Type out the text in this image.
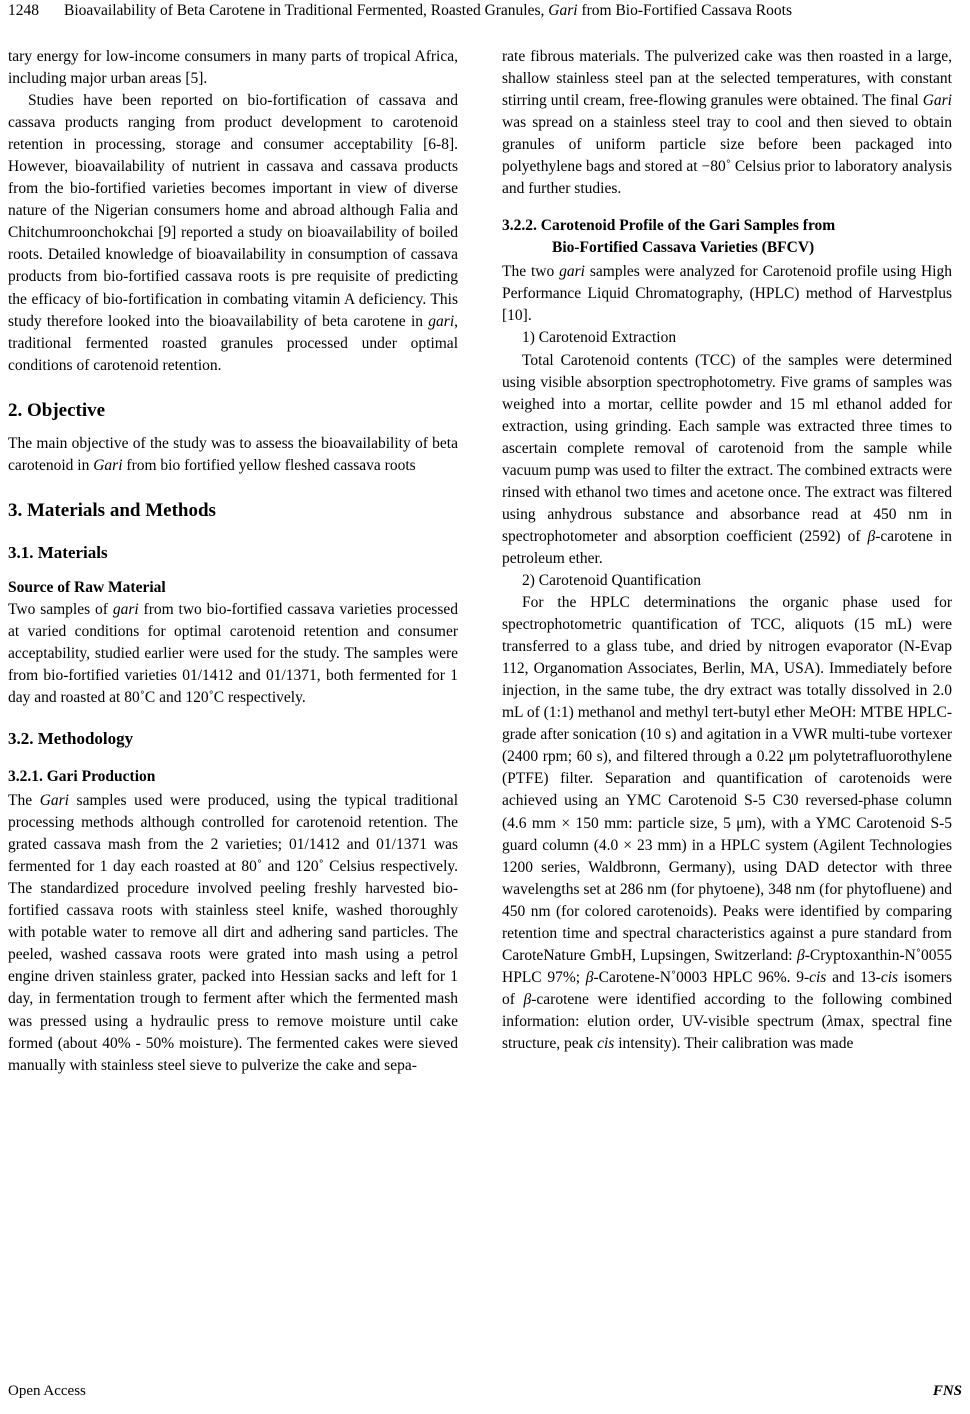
1248	Bioavailability of Beta Carotene in Traditional Fermented, Roasted Granules, Gari from Bio-Fortified Cassava Roots

tary energy for low-income consumers in many parts of tropical Africa, including major urban areas [5].

Studies have been reported on bio-fortification of cassava and cassava products ranging from product development to carotenoid retention in processing, storage and consumer acceptability [6-8]. However, bioavailability of nutrient in cassava and cassava products from the bio-fortified varieties becomes important in view of diverse nature of the Nigerian consumers home and abroad although Falia and Chitchumroonchokchai [9] reported a study on bioavailability of boiled roots. Detailed knowledge of bioavailability in consumption of cassava products from bio-fortified cassava roots is pre requisite of predicting the efficacy of bio-fortification in combating vitamin A deficiency. This study therefore looked into the bioavailability of beta carotene in gari, traditional fermented roasted granules processed under optimal conditions of carotenoid retention.

2. Objective

The main objective of the study was to assess the bioavailability of beta carotenoid in Gari from bio fortified yellow fleshed cassava roots

3. Materials and Methods
3.1. Materials
Source of Raw Material

Two samples of gari from two bio-fortified cassava varieties processed at varied conditions for optimal carotenoid retention and consumer acceptability, studied earlier were used for the study. The samples were from bio-fortified varieties 01/1412 and 01/1371, both fermented for 1 day and roasted at 80˚C and 120˚C respectively.

3.2. Methodology
3.2.1. Gari Production

The Gari samples used were produced, using the typical traditional processing methods although controlled for carotenoid retention. The grated cassava mash from the 2 varieties; 01/1412 and 01/1371 was fermented for 1 day each roasted at 80˚ and 120˚ Celsius respectively. The standardized procedure involved peeling freshly harvested bio-fortified cassava roots with stainless steel knife, washed thoroughly with potable water to remove all dirt and adhering sand particles. The peeled, washed cassava roots were grated into mash using a petrol engine driven stainless grater, packed into Hessian sacks and left for 1 day, in fermentation trough to ferment after which the fermented mash was pressed using a hydraulic press to remove moisture until cake formed (about 40% - 50% moisture). The fermented cakes were sieved manually with stainless steel sieve to pulverize the cake and sepa-

rate fibrous materials. The pulverized cake was then roasted in a large, shallow stainless steel pan at the selected temperatures, with constant stirring until cream, free-flowing granules were obtained. The final Gari was spread on a stainless steel tray to cool and then sieved to obtain granules of uniform particle size before been packaged into polyethylene bags and stored at −80˚ Celsius prior to laboratory analysis and further studies.

3.2.2. Carotenoid Profile of the Gari Samples from
Bio-Fortified Cassava Varieties (BFCV)

The two gari samples were analyzed for Carotenoid profile using High Performance Liquid Chromatography, (HPLC) method of Harvestplus [10].

1) Carotenoid Extraction

Total Carotenoid contents (TCC) of the samples were determined using visible absorption spectrophotometry. Five grams of samples was weighed into a mortar, cellite powder and 15 ml ethanol added for extraction, using grinding. Each sample was extracted three times to ascertain complete removal of carotenoid from the sample while vacuum pump was used to filter the extract. The combined extracts were rinsed with ethanol two times and acetone once. The extract was filtered using anhydrous substance and absorbance read at 450 nm in spectrophotometer and absorption coefficient (2592) of β-carotene in petroleum ether.

2) Carotenoid Quantification

For the HPLC determinations the organic phase used for spectrophotometric quantification of TCC, aliquots (15 mL) were transferred to a glass tube, and dried by nitrogen evaporator (N-Evap 112, Organomation Associates, Berlin, MA, USA). Immediately before injection, in the same tube, the dry extract was totally dissolved in 2.0 mL of (1:1) methanol and methyl tert-butyl ether MeOH: MTBE HPLC-grade after sonication (10 s) and agitation in a VWR multi-tube vortexer (2400 rpm; 60 s), and filtered through a 0.22 μm polytetrafluorothylene (PTFE) filter. Separation and quantification of carotenoids were achieved using an YMC Carotenoid S-5 C30 reversed-phase column (4.6 mm × 150 mm: particle size, 5 μm), with a YMC Carotenoid S-5 guard column (4.0 × 23 mm) in a HPLC system (Agilent Technologies 1200 series, Waldbronn, Germany), using DAD detector with three wavelengths set at 286 nm (for phytoene), 348 nm (for phytofluene) and 450 nm (for colored carotenoids). Peaks were identified by comparing retention time and spectral characteristics against a pure standard from CaroteNature GmbH, Lupsingen, Switzerland: β-Cryptoxanthin-N˚0055 HPLC 97%; β-Carotene-N˚0003 HPLC 96%. 9-cis and 13-cis isomers of β-carotene were identified according to the following combined information: elution order, UV-visible spectrum (λmax, spectral fine structure, peak cis intensity). Their calibration was made

Open Access	FNS
